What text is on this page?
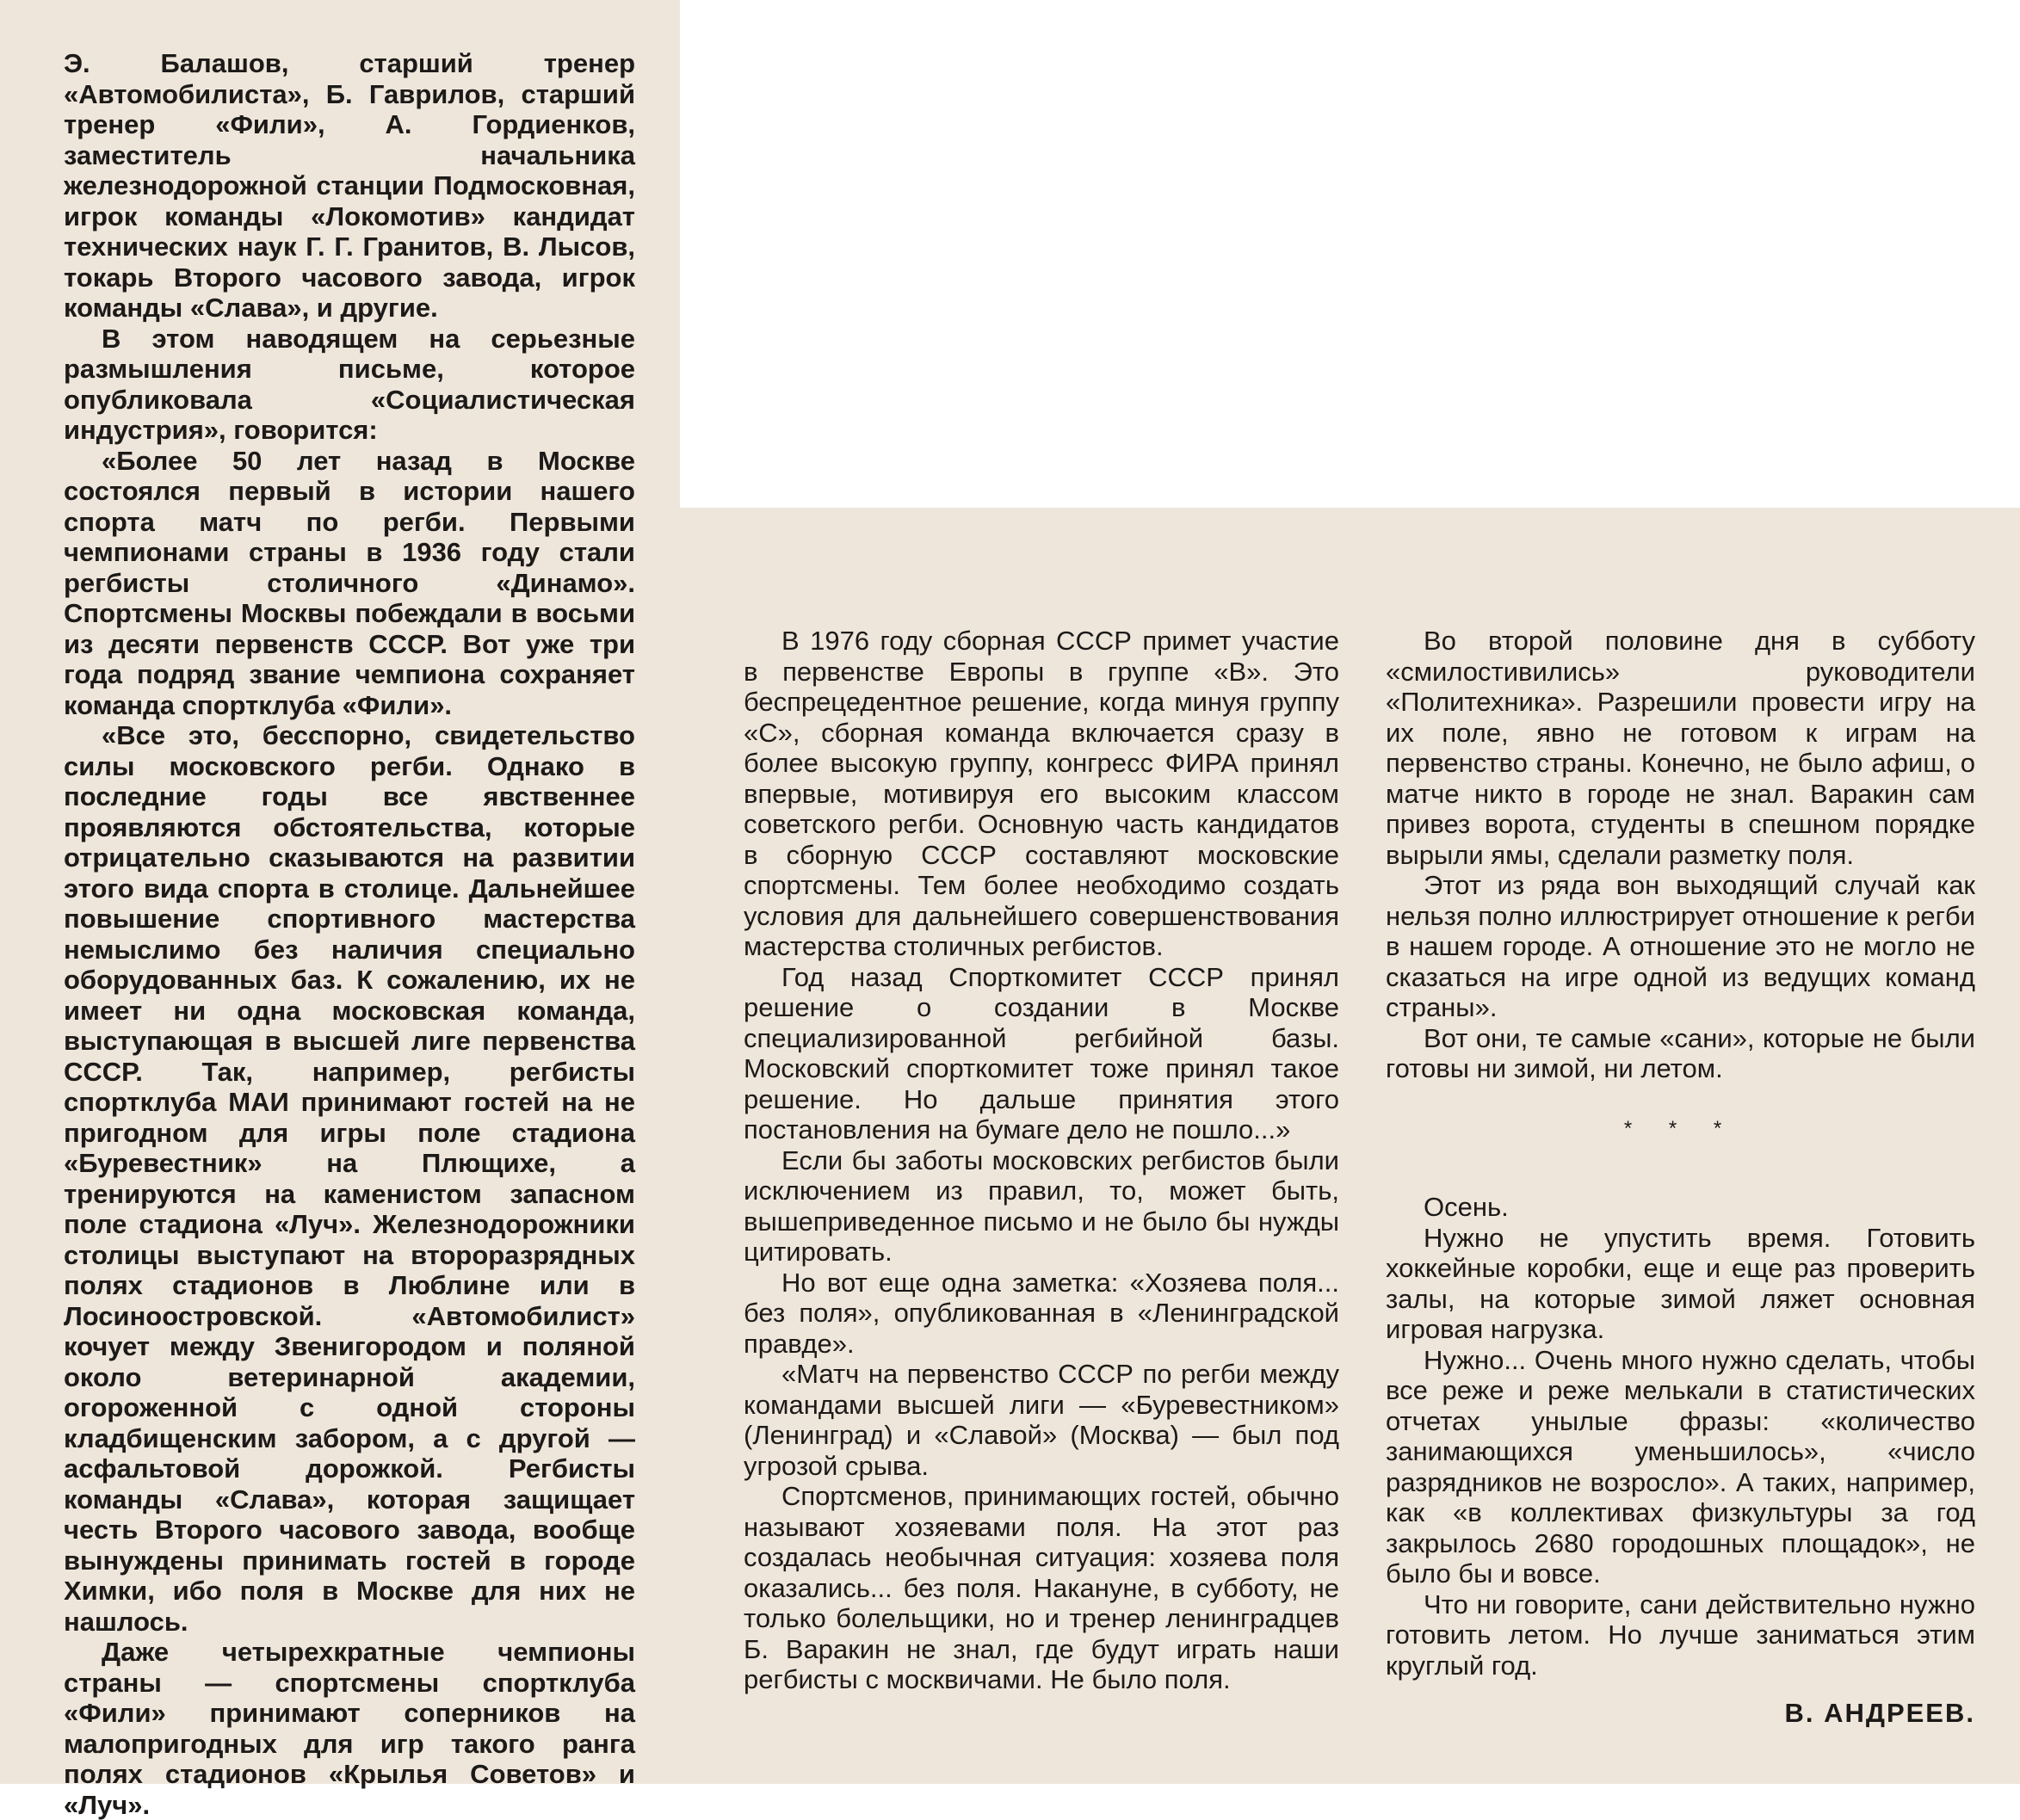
Э. Балашов, старший тренер «Автомобилиста», Б. Гаврилов, старший тренер «Фили», А. Гордиенков, заместитель начальника железнодорожной станции Подмосковная, игрок команды «Локомотив» кандидат технических наук Г. Г. Гранитов, В. Лысов, токарь Второго часового завода, игрок команды «Слава», и другие.

В этом наводящем на серьезные размышления письме, которое опубликовала «Социалистическая индустрия», говорится:

«Более 50 лет назад в Москве состоялся первый в истории нашего спорта матч по регби. Первыми чемпионами страны в 1936 году стали регбисты столичного «Динамо». Спортсмены Москвы побеждали в восьми из десяти первенств СССР. Вот уже три года подряд звание чемпиона сохраняет команда спортклуба «Фили».

«Все это, бесспорно, свидетельство силы московского регби. Однако в последние годы все явственнее проявляются обстоятельства, которые отрицательно сказываются на развитии этого вида спорта в столице. Дальнейшее повышение спортивного мастерства немыслимо без наличия специально оборудованных баз. К сожалению, их не имеет ни одна московская команда, выступающая в высшей лиге первенства СССР. Так, например, регбисты спортклуба МАИ принимают гостей на не пригодном для игры поле стадиона «Буревестник» на Плющихе, а тренируются на каменистом запасном поле стадиона «Луч». Железнодорожники столицы выступают на второразрядных полях стадионов в Люблине или в Лосиноостровской. «Автомобилист» кочует между Звенигородом и поляной около ветеринарной академии, огороженной с одной стороны кладбищенским забором, а с другой — асфальтовой дорожкой. Регбисты команды «Слава», которая защищает честь Второго часового завода, вообще вынуждены принимать гостей в городе Химки, ибо поля в Москве для них не нашлось.

Даже четырехкратные чемпионы страны — спортсмены спортклуба «Фили» принимают соперников на малопригодных для игр такого ранга полях стадионов «Крылья Советов» и «Луч».

В 1976 году сборная СССР примет участие в первенстве Европы в группе «В». Это беспрецедентное решение, когда минуя группу «С», сборная команда включается сразу в более высокую группу, конгресс ФИРА принял впервые, мотивируя его высоким классом советского регби. Основную часть кандидатов в сборную СССР составляют московские спортсмены. Тем более необходимо создать условия для дальнейшего совершенствования мастерства столичных регбистов.

Год назад Спорткомитет СССР принял решение о создании в Москве специализированной регбийной базы. Московский спорткомитет тоже принял такое решение. Но дальше принятия этого постановления на бумаге дело не пошло...»

Если бы заботы московских регбистов были исключением из правил, то, может быть, вышеприведенное письмо и не было бы нужды цитировать.

Но вот еще одна заметка: «Хозяева поля... без поля», опубликованная в «Ленинградской правде».

«Матч на первенство СССР по регби между командами высшей лиги — «Буревестником» (Ленинград) и «Славой» (Москва) — был под угрозой срыва.

Спортсменов, принимающих гостей, обычно называют хозяевами поля. На этот раз создалась необычная ситуация: хозяева поля оказались... без поля. Накануне, в субботу, не только болельщики, но и тренер ленинградцев Б. Варакин не знал, где будут играть наши регбисты с москвичами. Не было поля.

Во второй половине дня в субботу «смилостивились» руководители «Политехника». Разрешили провести игру на их поле, явно не готовом к играм на первенство страны. Конечно, не было афиш, о матче никто в городе не знал. Варакин сам привез ворота, студенты в спешном порядке вырыли ямы, сделали разметку поля.

Этот из ряда вон выходящий случай как нельзя полно иллюстрирует отношение к регби в нашем городе. А отношение это не могло не сказаться на игре одной из ведущих команд страны».

Вот они, те самые «сани», которые не были готовы ни зимой, ни летом.

* * *

Осень.

Нужно не упустить время. Готовить хоккейные коробки, еще и еще раз проверить залы, на которые зимой ляжет основная игровая нагрузка.

Нужно... Очень много нужно сделать, чтобы все реже и реже мелькали в статистических отчетах унылые фразы: «количество занимающихся уменьшилось», «число разрядников не возросло». А таких, например, как «в коллективах физкультуры за год закрылось 2680 городошных площадок», не было бы и вовсе.

Что ни говорите, сани действительно нужно готовить летом. Но лучше заниматься этим круглый год.

В. АНДРЕЕВ.
